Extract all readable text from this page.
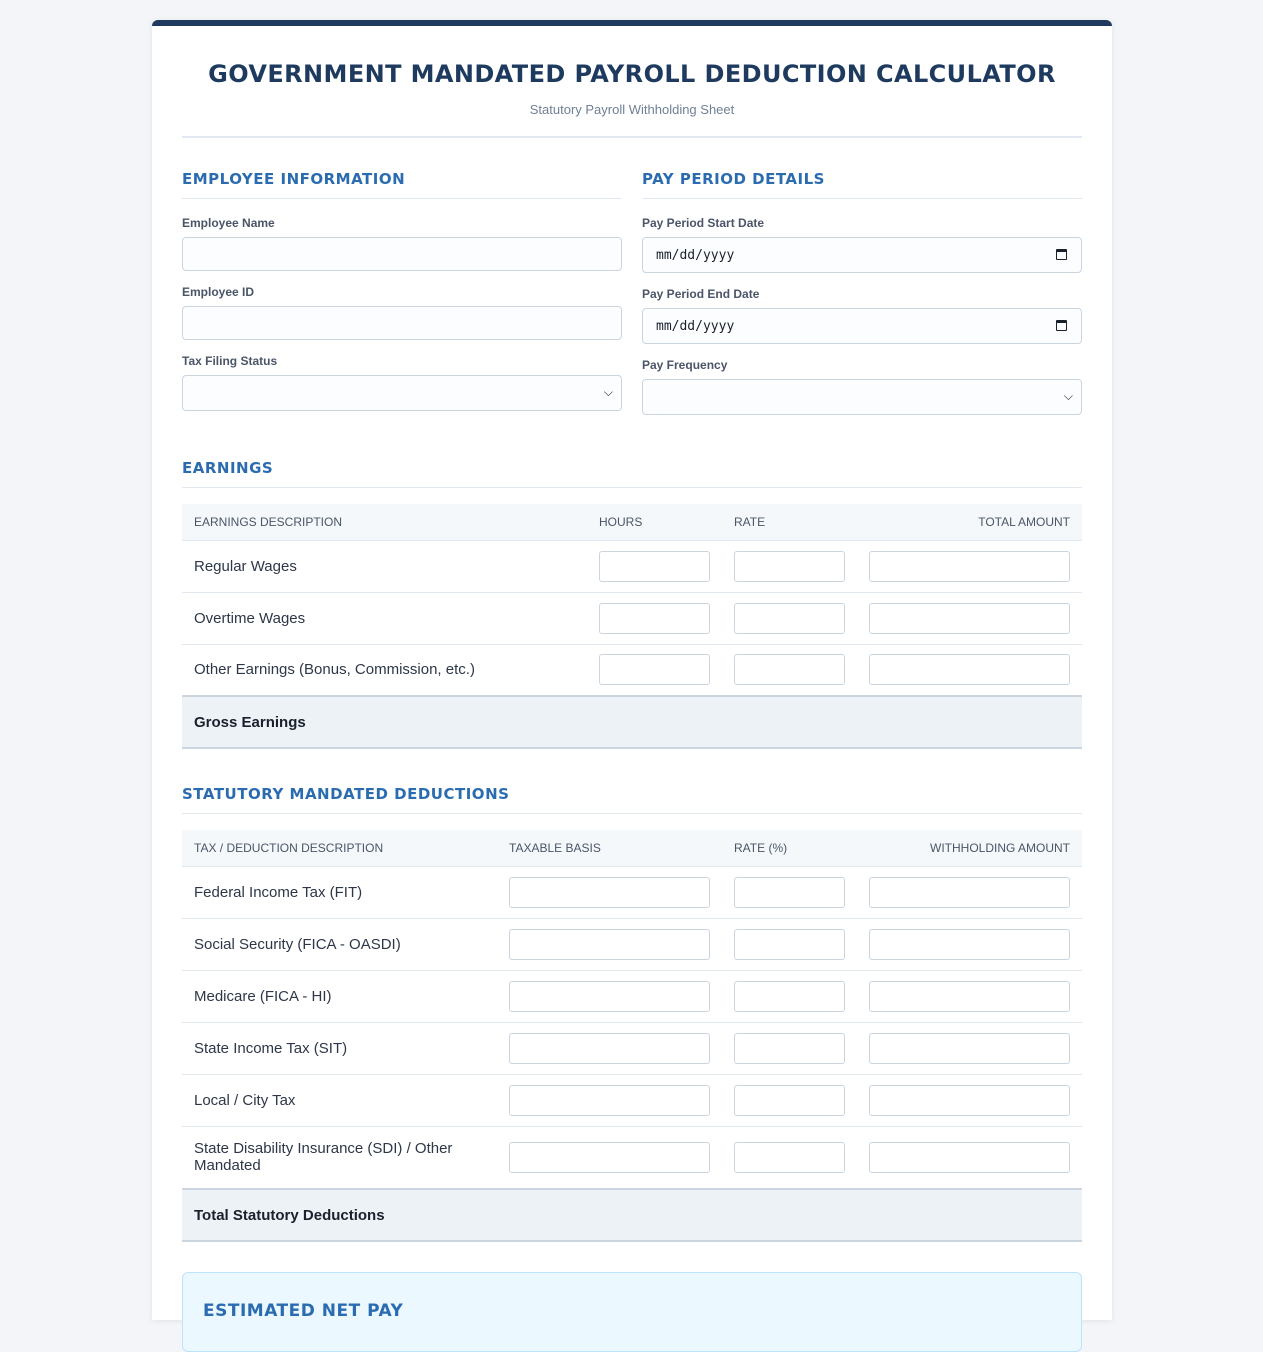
GOVERNMENT MANDATED PAYROLL DEDUCTION CALCULATOR
Statutory Payroll Withholding Sheet
EMPLOYEE INFORMATION
Employee Name
Employee ID
Tax Filing Status
⌵
PAY PERIOD DETAILS
Pay Period Start Date
mm/dd/yyyy
Pay Period End Date
mm/dd/yyyy
Pay Frequency
⌵
EARNINGS
EARNINGS DESCRIPTION	HOURS	RATE	TOTAL AMOUNT
Regular Wages	

Overtime Wages	

Other Earnings (Bonus, Commission, etc.)	

Gross Earnings			
STATUTORY MANDATED DEDUCTIONS
TAX / DEDUCTION DESCRIPTION	TAXABLE BASIS	RATE (%)	WITHHOLDING AMOUNT
Federal Income Tax (FIT)	

Social Security (FICA - OASDI)	

Medicare (FICA - HI)	

State Income Tax (SIT)	

Local / City Tax	

State Disability Insurance (SDI) / Other Mandated	

Total Statutory Deductions			
ESTIMATED NET PAY
